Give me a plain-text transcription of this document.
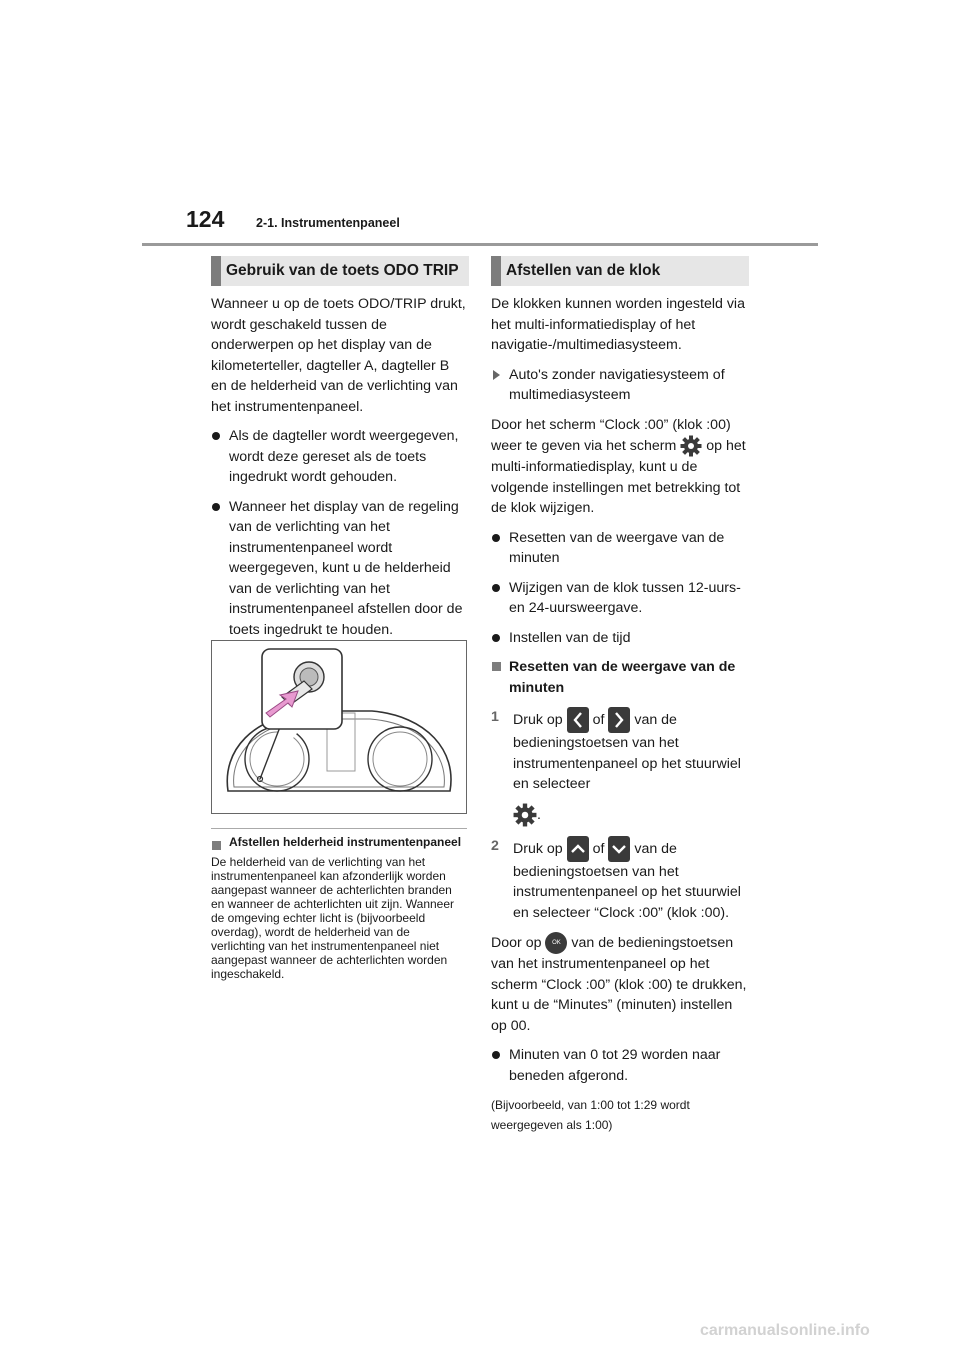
124	2-1. Instrumentenpaneel
Gebruik van de toets ODO TRIP

Wanneer u op de toets ODO/TRIP drukt, wordt geschakeld tussen de onderwerpen op het display van de kilometerteller, dagteller A, dagteller B en de helderheid van de verlichting van het instrumentenpaneel.

Als de dagteller wordt weergegeven, wordt deze gereset als de toets ingedrukt wordt gehouden.
Wanneer het display van de regeling van de verlichting van het instrumentenpaneel wordt weergegeven, kunt u de helderheid van de verlichting van het instrumentenpaneel afstellen door de toets ingedrukt te houden.

Afstellen helderheid instrumentenpaneel

De helderheid van de verlichting van het instrumentenpaneel kan afzonderlijk worden aangepast wanneer de achterlichten branden en wanneer de achterlichten uit zijn. Wanneer de omgeving echter licht is (bijvoorbeeld overdag), wordt de helderheid van de verlichting van het instrumentenpaneel niet aangepast wanneer de achterlichten worden ingeschakeld.

Afstellen van de klok

De klokken kunnen worden ingesteld via het multi-informatiedisplay of het navigatie-/multimediasysteem.

Auto's zonder navigatiesysteem of multimediasysteem

Door het scherm “Clock :00” (klok :00) weer te geven via het scherm op het multi-informatiedisplay, kunt u de volgende instellingen met betrekking tot de klok wijzigen.

Resetten van de weergave van de minuten
Wijzigen van de klok tussen 12-uurs- en 24-uursweergave.
Instellen van de tijd
Resetten van de weergave van de minuten
1 Druk op of van de bedieningstoetsen van het instrumentenpaneel op het stuurwiel en selecteer
.
2 Druk op of van de bedieningstoetsen van het instrumentenpaneel op het stuurwiel en selecteer “Clock :00” (klok :00).

Door op OK van de bedieningstoetsen van het instrumentenpaneel op het scherm “Clock :00” (klok :00) te drukken, kunt u de “Minutes” (minuten) instellen op 00.

Minuten van 0 tot 29 worden naar beneden afgerond.

(Bijvoorbeeld, van 1:00 tot 1:29 wordt weergegeven als 1:00)

carmanualsonline.info
